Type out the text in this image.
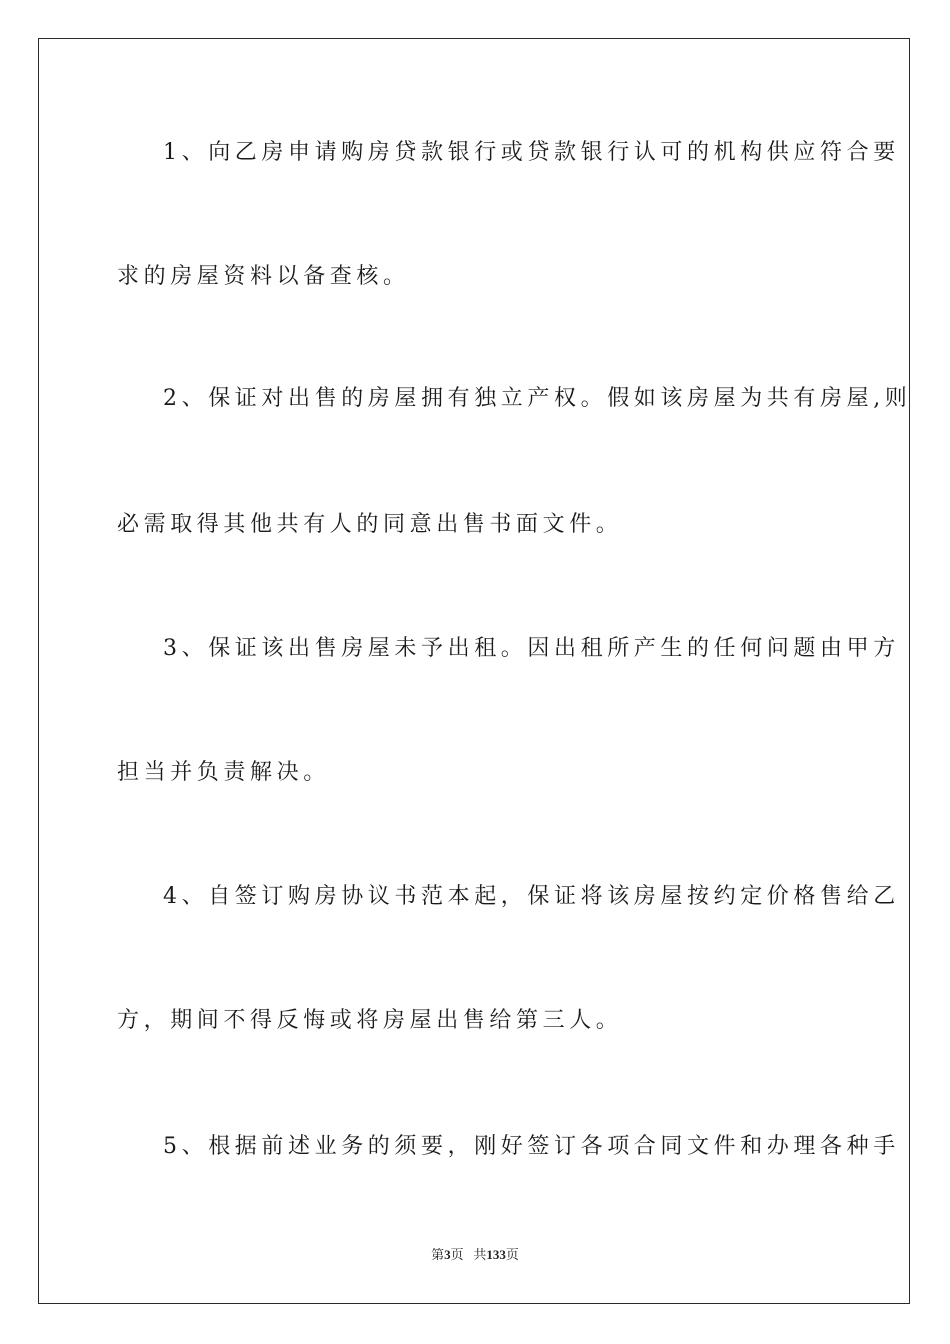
1、向乙房申请购房贷款银行或贷款银行认可的机构供应符合要
求的房屋资料以备查核。
2、保证对出售的房屋拥有独立产权。假如该房屋为共有房屋,则
必需取得其他共有人的同意出售书面文件。
3、保证该出售房屋未予出租。因出租所产生的任何问题由甲方
担当并负责解决。
4、自签订购房协议书范本起，保证将该房屋按约定价格售给乙
方，期间不得反悔或将房屋出售给第三人。
5、根据前述业务的须要，刚好签订各项合同文件和办理各种手
第3页 共133页
